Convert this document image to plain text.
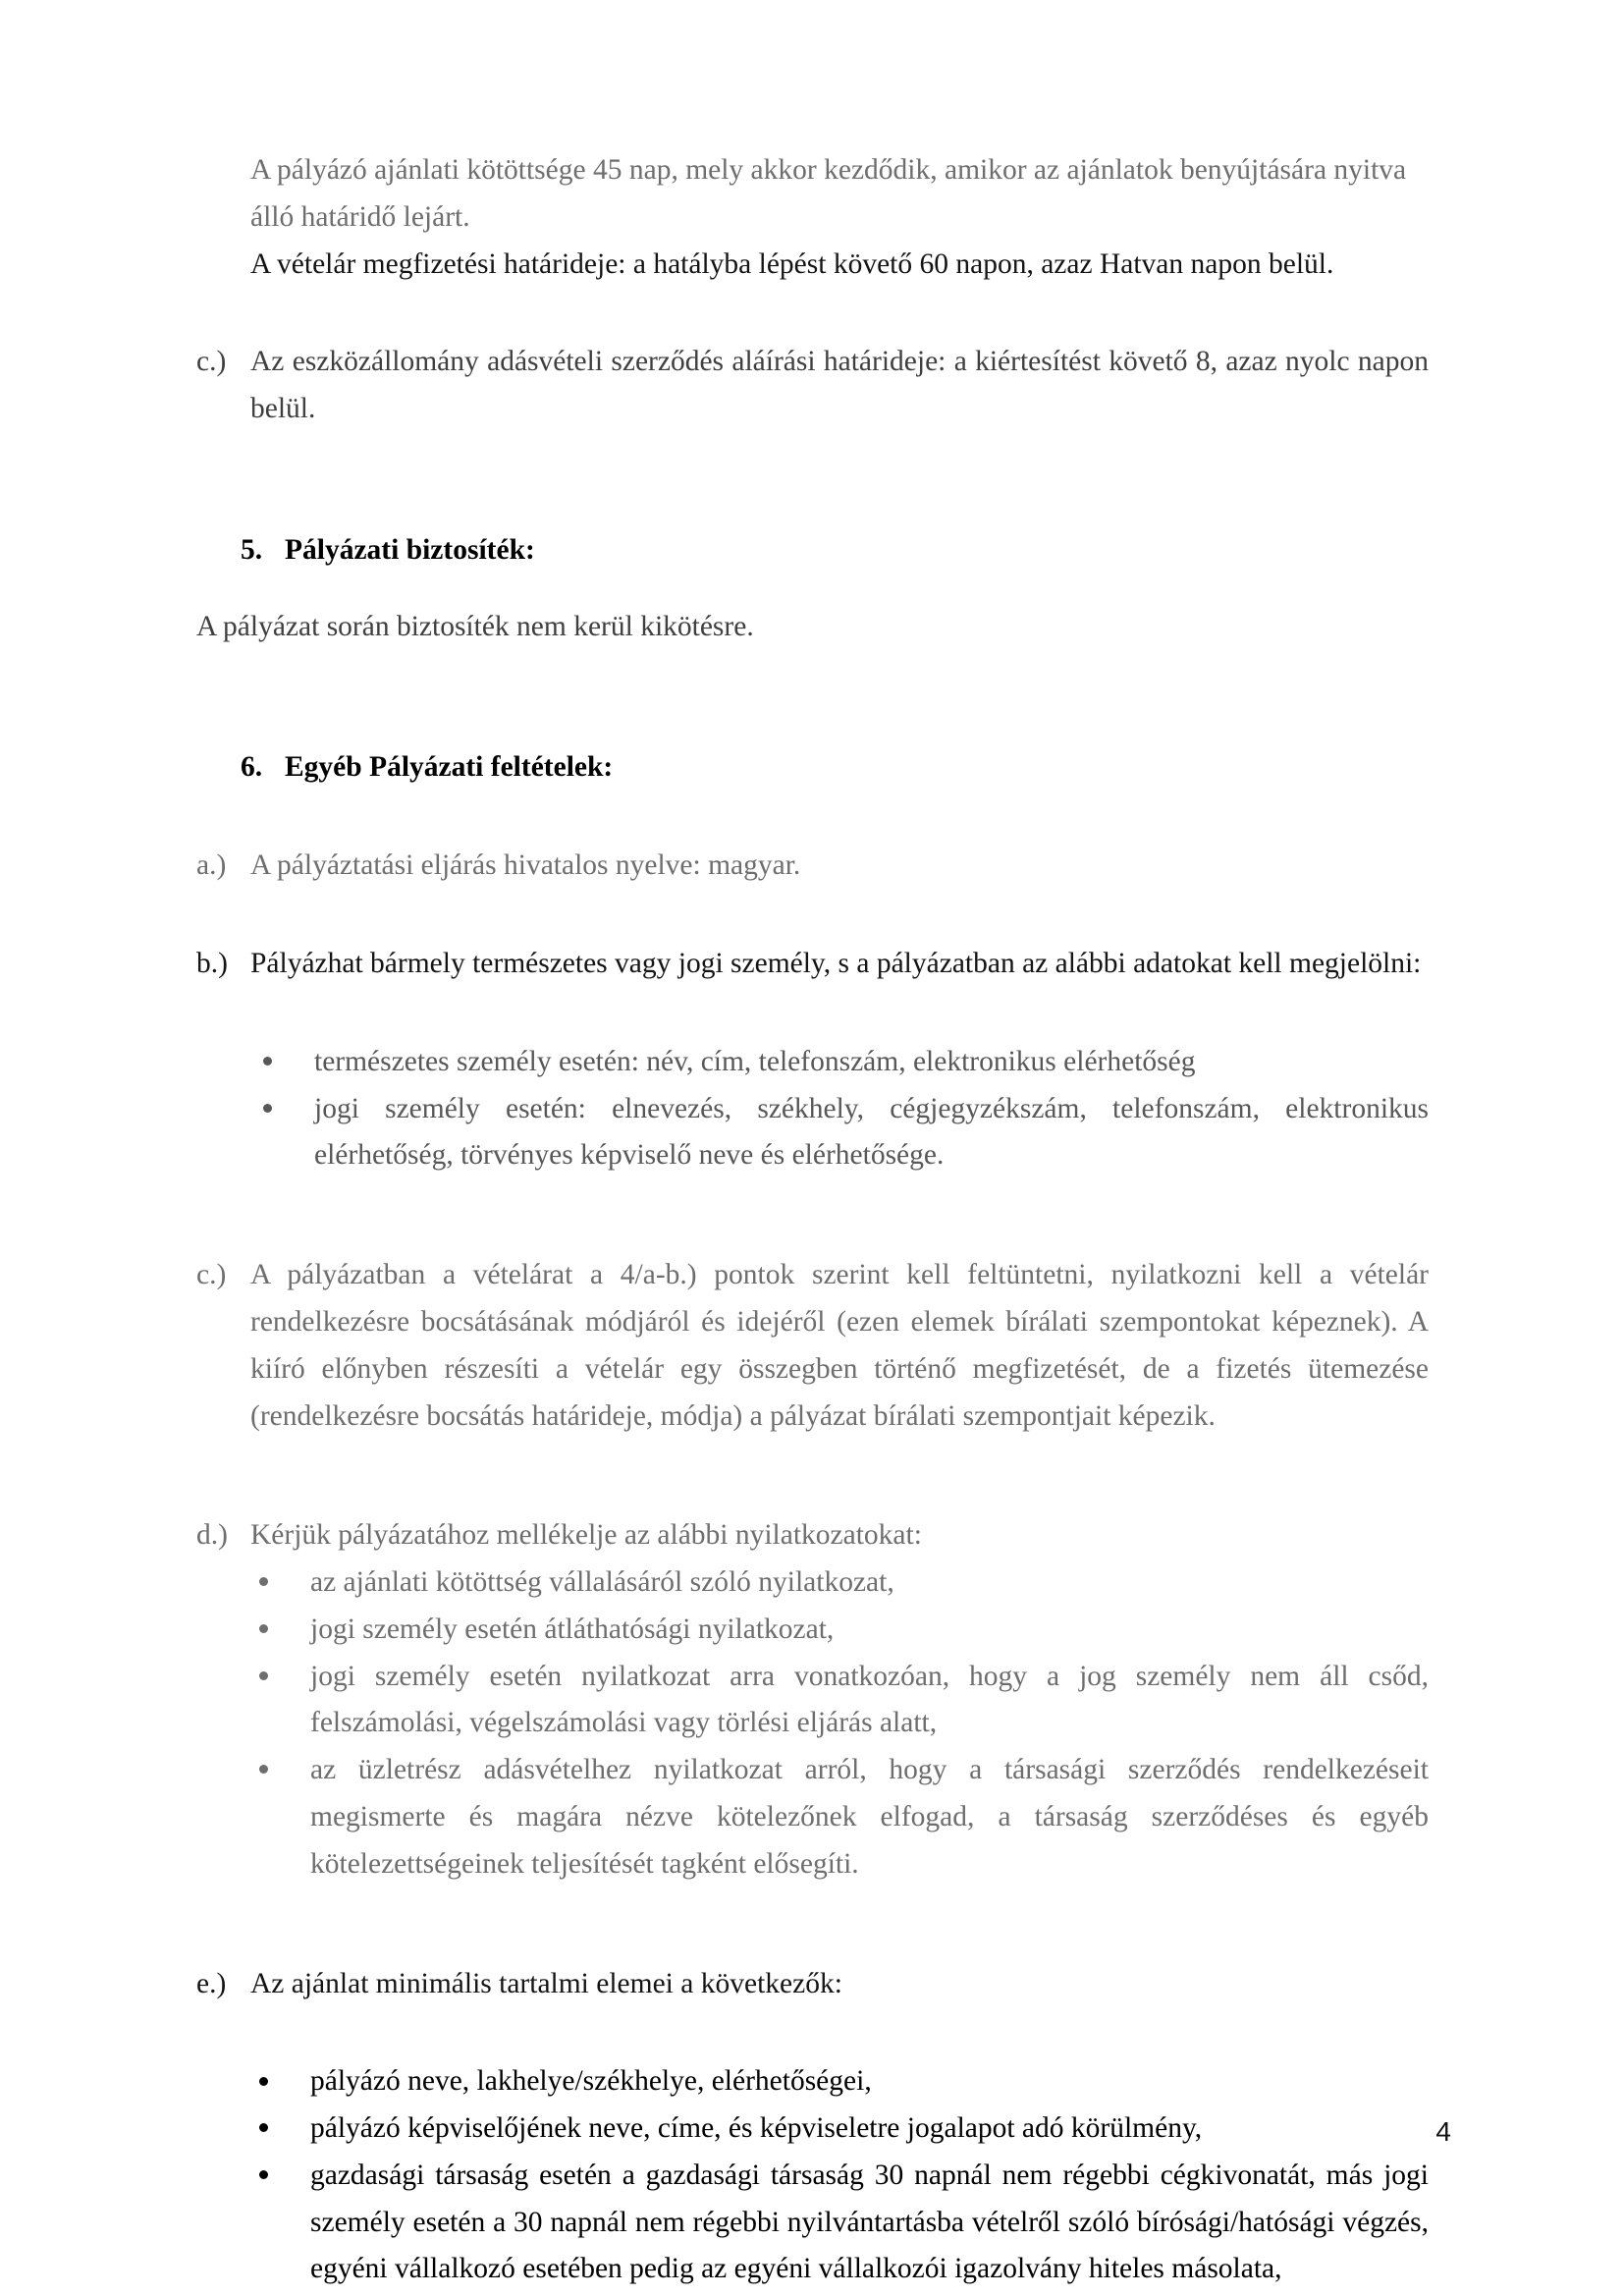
A pályázó ajánlati kötöttsége 45 nap, mely akkor kezdődik, amikor az ajánlatok benyújtására nyitva álló határidő lejárt.
A vételár megfizetési határideje: a hatályba lépést követő 60 napon, azaz Hatvan napon belül.
c.) Az eszközállomány adásvételi szerződés aláírási határideje: a kiértesítést követő 8, azaz nyolc napon belül.
5. Pályázati biztosíték:
A pályázat során biztosíték nem kerül kikötésre.
6. Egyéb Pályázati feltételek:
a.) A pályáztatási eljárás hivatalos nyelve: magyar.
b.) Pályázhat bármely természetes vagy jogi személy, s a pályázatban az alábbi adatokat kell megjelölni:
természetes személy esetén: név, cím, telefonszám, elektronikus elérhetőség
jogi személy esetén: elnevezés, székhely, cégjegyzékszám, telefonszám, elektronikus elérhetőség, törvényes képviselő neve és elérhetősége.
c.) A pályázatban a vételárat a 4/a-b.) pontok szerint kell feltüntetni, nyilatkozni kell a vételár rendelkezésre bocsátásának módjáról és idejéről (ezen elemek bírálati szempontokat képeznek). A kiíró előnyben részesíti a vételár egy összegben történő megfizetését, de a fizetés ütemezése (rendelkezésre bocsátás határideje, módja) a pályázat bírálati szempontjait képezik.
d.) Kérjük pályázatához mellékelje az alábbi nyilatkozatokat:
az ajánlati kötöttség vállalásáról szóló nyilatkozat,
jogi személy esetén átláthatósági nyilatkozat,
jogi személy esetén nyilatkozat arra vonatkozóan, hogy a jog személy nem áll csőd, felszámolási, végelszámolási vagy törlési eljárás alatt,
az üzletrész adásvételhez nyilatkozat arról, hogy a társasági szerződés rendelkezéseit megismerte és magára nézve kötelezőnek elfogad, a társaság szerződéses és egyéb kötelezettségeinek teljesítését tagként elősegíti.
e.) Az ajánlat minimális tartalmi elemei a következők:
pályázó neve, lakhelye/székhelye, elérhetőségei,
pályázó képviselőjének neve, címe, és képviseletre jogalapot adó körülmény,
gazdasági társaság esetén a gazdasági társaság 30 napnál nem régebbi cégkivonatát, más jogi személy esetén a 30 napnál nem régebbi nyilvántartásba vételről szóló bírósági/hatósági végzés, egyéni vállalkozó esetében pedig az egyéni vállalkozói igazolvány hiteles másolata,
4
